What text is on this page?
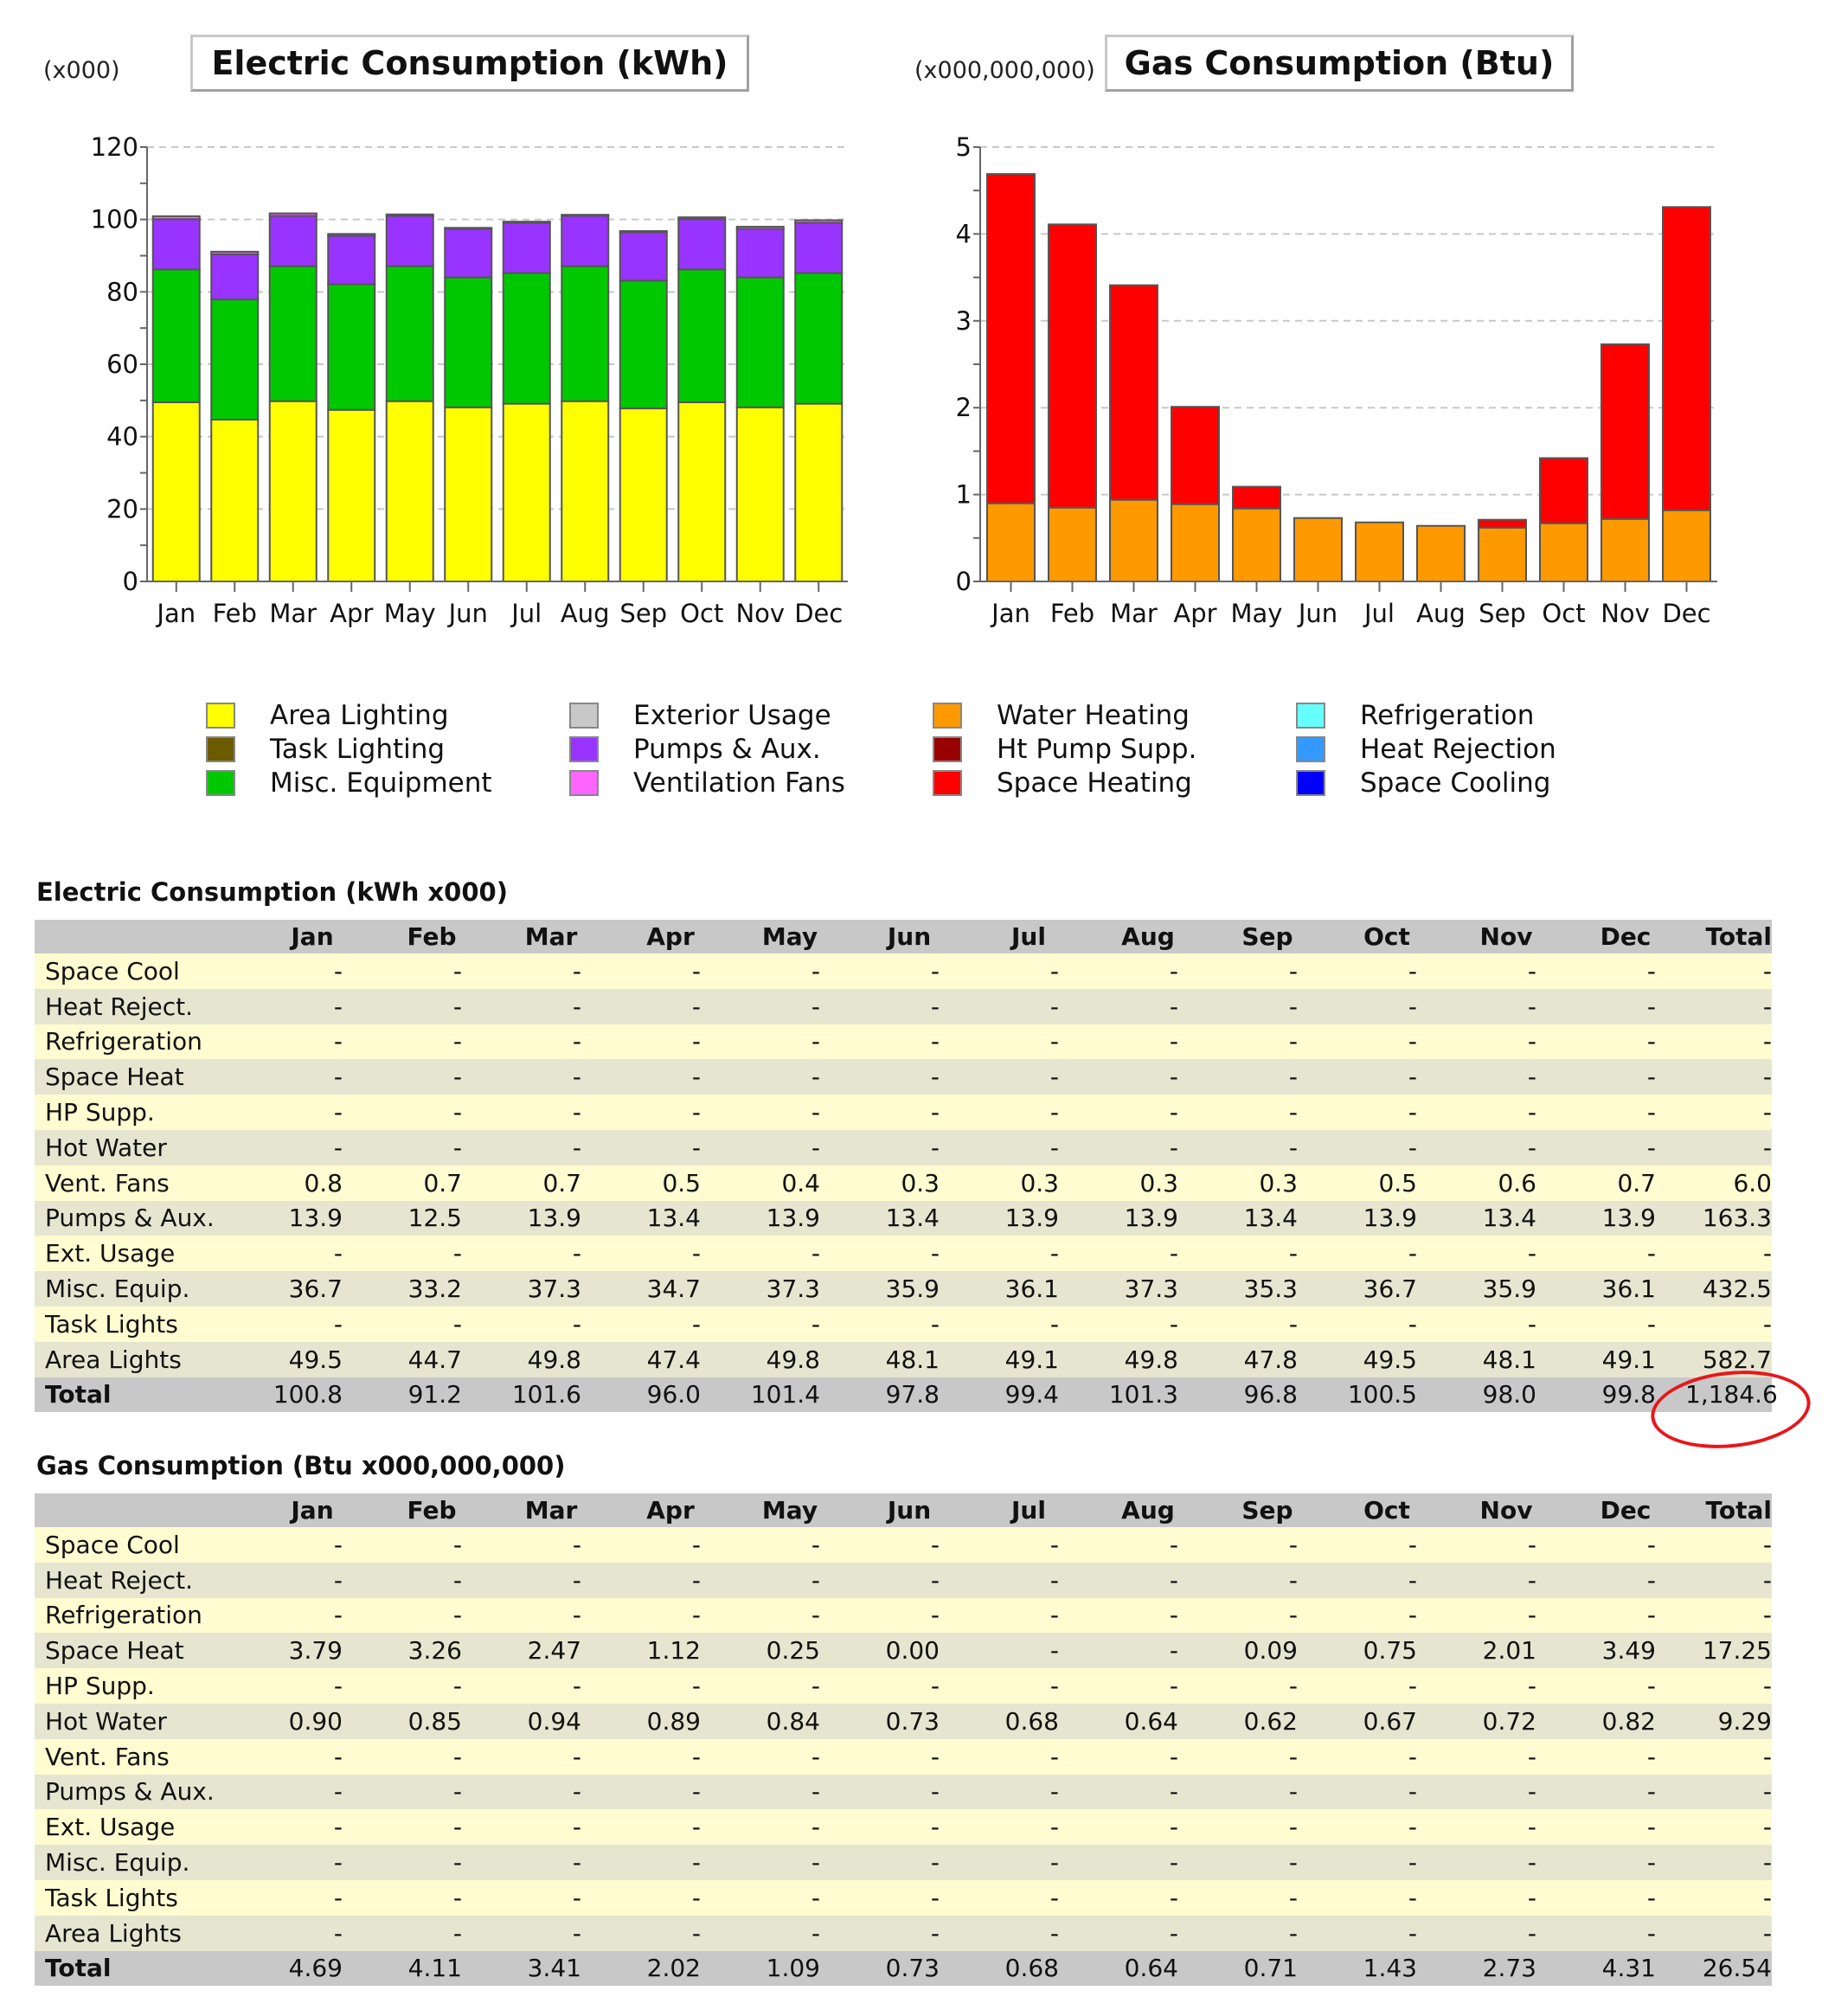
(x000)	Electric Consumption (kWh)	(x000,000,000) Gas Consumption (Btu)
Jan Feb Mar Apr May Jun Jul Aug Sep Oct Nov Dec
0
20
40
60
80
100
120
Jan Feb Mar Apr May Jun Jul Aug Sep Oct Nov Dec
0
1
2
3
4
5
Area Lighting
Task Lighting
Misc. Equipment
Exterior Usage
Pumps & Aux.
Ventilation Fans
Water Heating
Ht Pump Supp.
Space Heating
Refrigeration
Heat Rejection
Space Cooling
Electric Consumption (kWh x000)
	Jan	Feb	Mar	Apr	May	Jun	Jul	Aug	Sep	Oct	Nov	Dec	Total
Space Cool	-	-	-	-	-	-	-	-	-	-	-	-	-
Heat Reject.	-	-	-	-	-	-	-	-	-	-	-	-	-
Refrigeration	-	-	-	-	-	-	-	-	-	-	-	-	-
Space Heat	-	-	-	-	-	-	-	-	-	-	-	-	-
HP Supp.	-	-	-	-	-	-	-	-	-	-	-	-	-
Hot Water	-	-	-	-	-	-	-	-	-	-	-	-	-
Vent. Fans	0.8	0.7	0.7	0.5	0.4	0.3	0.3	0.3	0.3	0.5	0.6	0.7	6.0
Pumps & Aux.	13.9	12.5	13.9	13.4	13.9	13.4	13.9	13.9	13.4	13.9	13.4	13.9	163.3
Ext. Usage	-	-	-	-	-	-	-	-	-	-	-	-	-
Misc. Equip.	36.7	33.2	37.3	34.7	37.3	35.9	36.1	37.3	35.3	36.7	35.9	36.1	432.5
Task Lights	-	-	-	-	-	-	-	-	-	-	-	-	-
Area Lights	49.5	44.7	49.8	47.4	49.8	48.1	49.1	49.8	47.8	49.5	48.1	49.1	582.7
Total	100.8	91.2	101.6	96.0	101.4	97.8	99.4	101.3	96.8	100.5	98.0	99.8	1,184.6
Gas Consumption (Btu x000,000,000)
	Jan	Feb	Mar	Apr	May	Jun	Jul	Aug	Sep	Oct	Nov	Dec	Total
Space Cool	-	-	-	-	-	-	-	-	-	-	-	-	-
Heat Reject.	-	-	-	-	-	-	-	-	-	-	-	-	-
Refrigeration	-	-	-	-	-	-	-	-	-	-	-	-	-
Space Heat	3.79	3.26	2.47	1.12	0.25	0.00	-	-	0.09	0.75	2.01	3.49	17.25
HP Supp.	-	-	-	-	-	-	-	-	-	-	-	-	-
Hot Water	0.90	0.85	0.94	0.89	0.84	0.73	0.68	0.64	0.62	0.67	0.72	0.82	9.29
Vent. Fans	-	-	-	-	-	-	-	-	-	-	-	-	-
Pumps & Aux.	-	-	-	-	-	-	-	-	-	-	-	-	-
Ext. Usage	-	-	-	-	-	-	-	-	-	-	-	-	-
Misc. Equip.	-	-	-	-	-	-	-	-	-	-	-	-	-
Task Lights	-	-	-	-	-	-	-	-	-	-	-	-	-
Area Lights	-	-	-	-	-	-	-	-	-	-	-	-	-
Total	4.69	4.11	3.41	2.02	1.09	0.73	0.68	0.64	0.71	1.43	2.73	4.31	26.54
